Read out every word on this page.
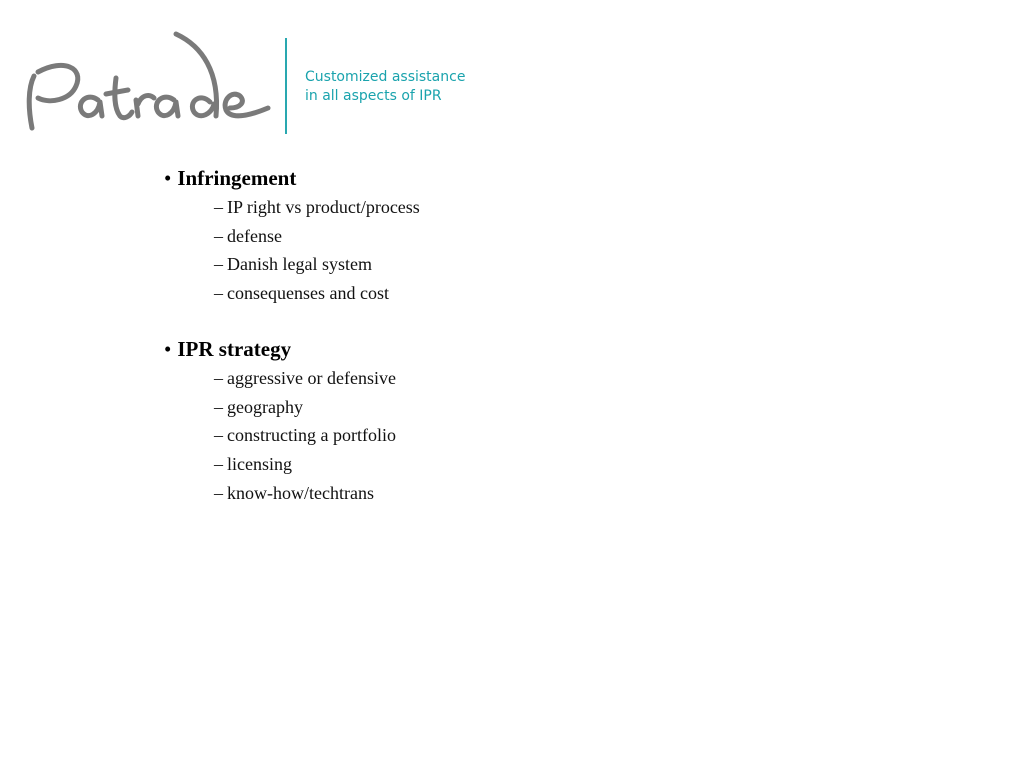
Customized assistance
in all aspects of IPR
• Infringement
– IP right vs product/process
– defense
– Danish legal system
– consequenses and cost
• IPR strategy
– aggressive or defensive
– geography
– constructing a portfolio
– licensing
– know-how/techtrans
